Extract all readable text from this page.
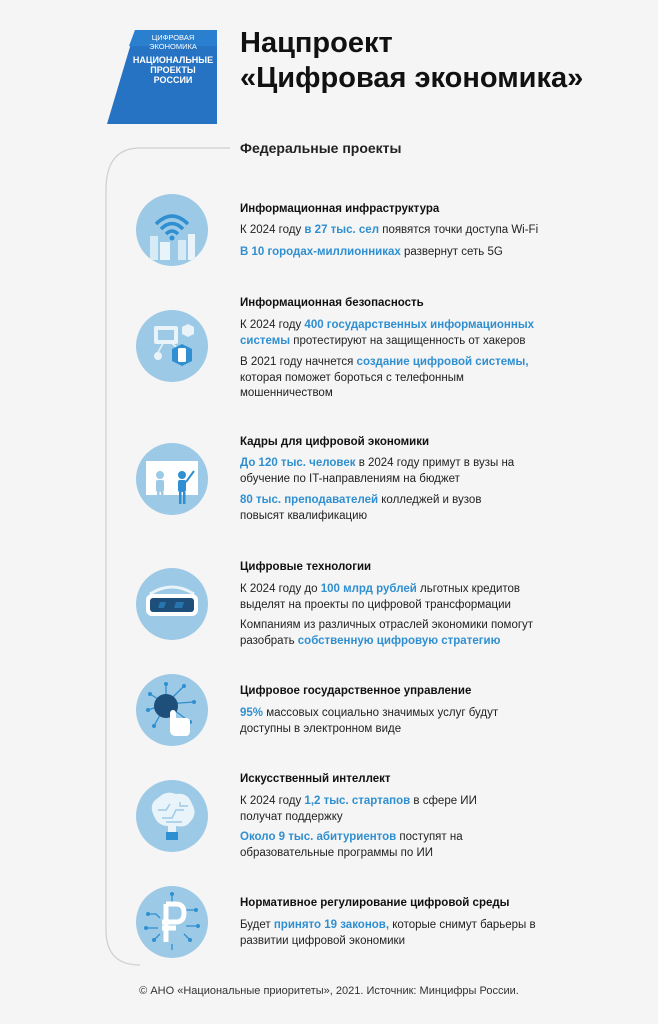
ЦИФРОВАЯ
ЭКОНОМИКА
НАЦИОНАЛЬНЫЕ
ПРОЕКТЫ
РОССИИ
Нацпроект
«Цифровая экономика»
Федеральные проекты
Информационная инфраструктура

К 2024 году в 27 тыс. сел появятся точки доступа Wi-Fi

В 10 городах-миллионниках развернут сеть 5G

Информационная безопасность

К 2024 году 400 государственных информационных системы протестируют на защищенность от хакеров

В 2021 году начнется создание цифровой системы, которая поможет бороться с телефонным мошенничеством

Кадры для цифровой экономики

До 120 тыс. человек в 2024 году примут в вузы на обучение по IT-направлениям на бюджет

80 тыс. преподавателей колледжей и вузов повысят квалификацию

Цифровые технологии

К 2024 году до 100 млрд рублей льготных кредитов выделят на проекты по цифровой трансформации

Компаниям из различных отраслей экономики помогут разобрать собственную цифровую стратегию

Цифровое государственное управление

95% массовых социально значимых услуг будут доступны в электронном виде

Искусственный интеллект

К 2024 году 1,2 тыс. стартапов в сфере ИИ получат поддержку

Около 9 тыс. абитуриентов поступят на образовательные программы по ИИ

Нормативное регулирование цифровой среды

Будет принято 19 законов, которые снимут барьеры в развитии цифровой экономики

© АНО «Национальные приоритеты», 2021. Источник: Минцифры России.
